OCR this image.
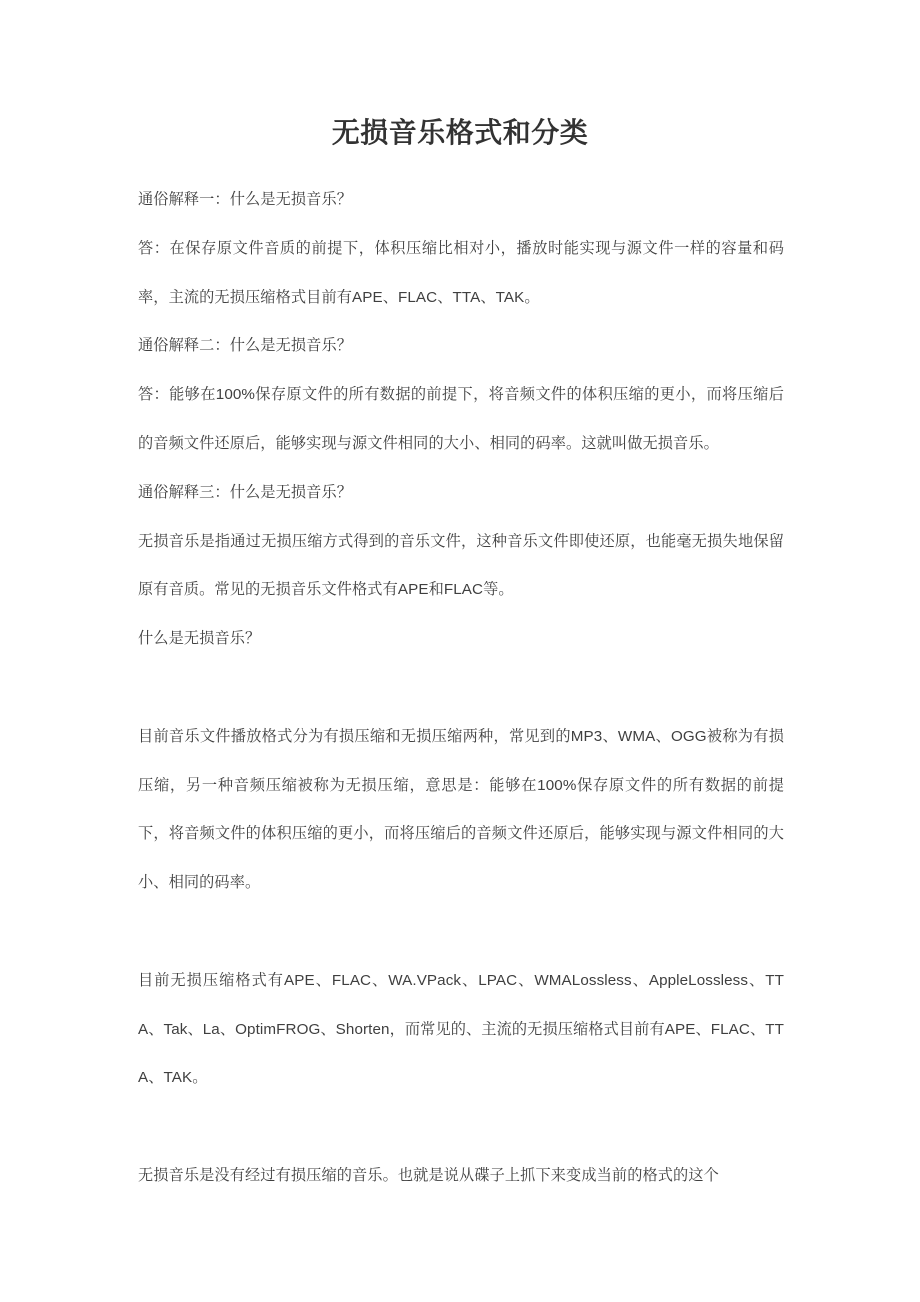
无损音乐格式和分类

通俗解释一：什么是无损音乐？

答：在保存原文件音质的前提下，体积压缩比相对小，播放时能实现与源文件一样的容量和码率，主流的无损压缩格式目前有APE、FLAC、TTA、TAK。

通俗解释二：什么是无损音乐？

答：能够在100%保存原文件的所有数据的前提下，将音频文件的体积压缩的更小，而将压缩后的音频文件还原后，能够实现与源文件相同的大小、相同的码率。这就叫做无损音乐。

通俗解释三：什么是无损音乐？

无损音乐是指通过无损压缩方式得到的音乐文件，这种音乐文件即使还原，也能毫无损失地保留原有音质。常见的无损音乐文件格式有APE和FLAC等。

什么是无损音乐？

目前音乐文件播放格式分为有损压缩和无损压缩两种，常见到的MP3、WMA、OGG被称为有损压缩，另一种音频压缩被称为无损压缩，意思是：能够在100%保存原文件的所有数据的前提下，将音频文件的体积压缩的更小，而将压缩后的音频文件还原后，能够实现与源文件相同的大小、相同的码率。

目前无损压缩格式有APE、FLAC、WA.VPack、LPAC、WMALossless、AppleLossless、TTA、Tak、La、OptimFROG、Shorten，而常见的、主流的无损压缩格式目前有APE、FLAC、TTA、TAK。

无损音乐是没有经过有损压缩的音乐。也就是说从碟子上抓下来变成当前的格式的这个
